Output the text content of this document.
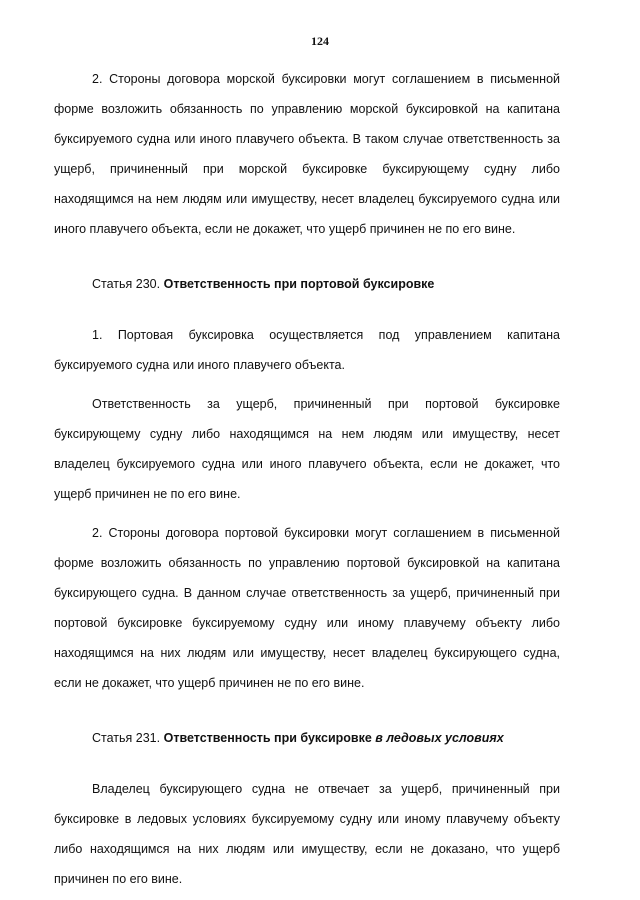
124

2. Стороны договора морской буксировки могут соглашением в письменной форме возложить обязанность по управлению морской буксировкой на капитана буксируемого судна или иного плавучего объекта. В таком случае ответственность за ущерб, причиненный при морской буксировке буксирующему судну либо находящимся на нем людям или имуществу, несет владелец буксируемого судна или иного плавучего объекта, если не докажет, что ущерб причинен не по его вине.

Статья 230. Ответственность при портовой буксировке

1. Портовая буксировка осуществляется под управлением капитана буксируемого судна или иного плавучего объекта.

Ответственность за ущерб, причиненный при портовой буксировке буксирующему судну либо находящимся на нем людям или имуществу, несет владелец буксируемого судна или иного плавучего объекта, если не докажет, что ущерб причинен не по его вине.

2. Стороны договора портовой буксировки могут соглашением в письменной форме возложить обязанность по управлению портовой буксировкой на капитана буксирующего судна. В данном случае ответственность за ущерб, причиненный при портовой буксировке буксируемому судну или иному плавучему объекту либо находящимся на них людям или имуществу, несет владелец буксирующего судна, если не докажет, что ущерб причинен не по его вине.

Статья 231. Ответственность при буксировке в ледовых условиях

Владелец буксирующего судна не отвечает за ущерб, причиненный при буксировке в ледовых условиях буксируемому судну или иному плавучему объекту либо находящимся на них людям или имуществу, если не доказано, что ущерб причинен по его вине.
